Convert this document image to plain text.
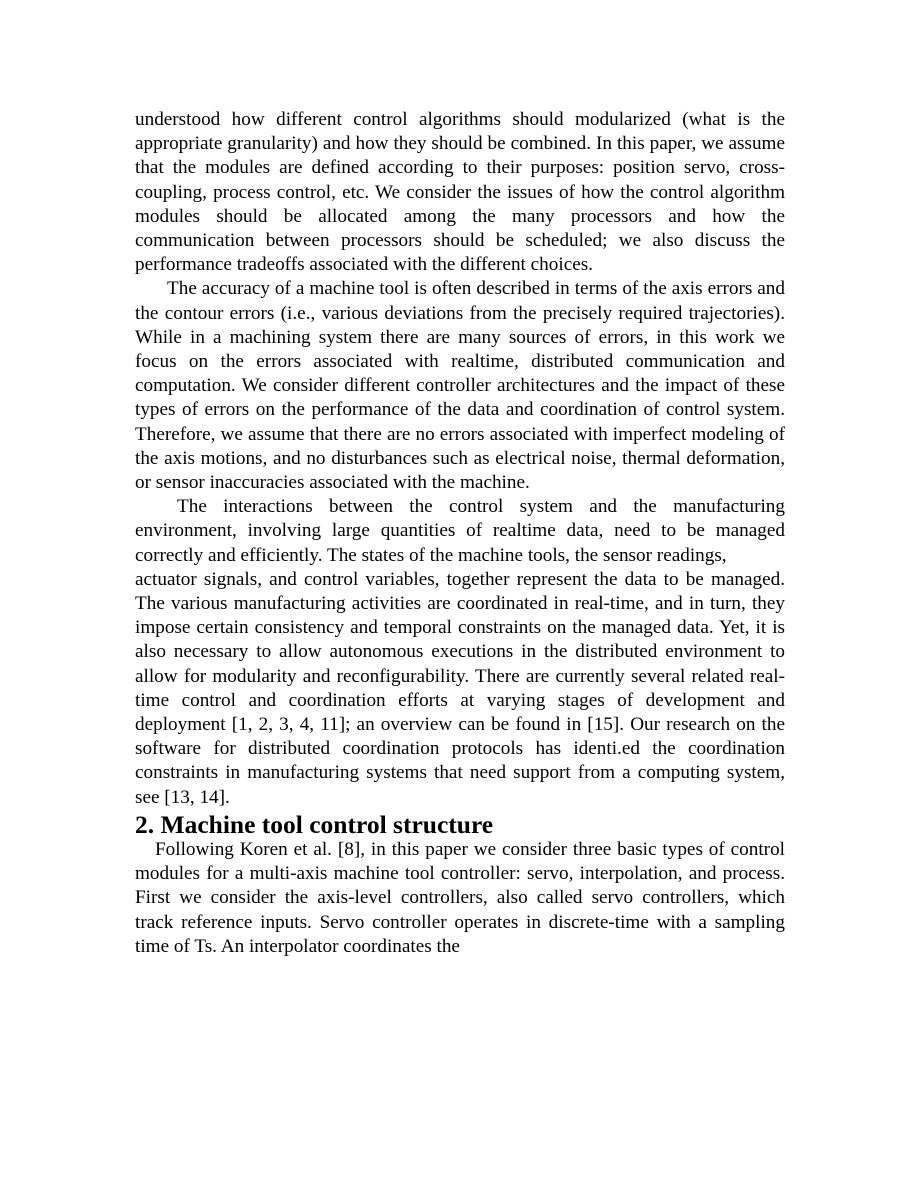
understood how different control algorithms should modularized (what is the appropriate granularity) and how they should be combined. In this paper, we assume that the modules are defined according to their purposes: position servo, cross-coupling, process control, etc. We consider the issues of how the control algorithm modules should be allocated among the many processors and how the communication between processors should be scheduled; we also discuss the performance tradeoffs associated with the different choices.

The accuracy of a machine tool is often described in terms of the axis errors and the contour errors (i.e., various deviations from the precisely required trajectories). While in a machining system there are many sources of errors, in this work we focus on the errors associated with realtime, distributed communication and computation. We consider different controller architectures and the impact of these types of errors on the performance of the data and coordination of control system. Therefore, we assume that there are no errors associated with imperfect modeling of the axis motions, and no disturbances such as electrical noise, thermal deformation, or sensor inaccuracies associated with the machine.

The interactions between the control system and the manufacturing environment, involving large quantities of realtime data, need to be managed correctly and efficiently. The states of the machine tools, the sensor readings,

actuator signals, and control variables, together represent the data to be managed. The various manufacturing activities are coordinated in real-time, and in turn, they impose certain consistency and temporal constraints on the managed data. Yet, it is also necessary to allow autonomous executions in the distributed environment to allow for modularity and reconfigurability. There are currently several related real-time control and coordination efforts at varying stages of development and deployment [1, 2, 3, 4, 11]; an overview can be found in [15]. Our research on the software for distributed coordination protocols has identi.ed the coordination constraints in manufacturing systems that need support from a computing system, see [13, 14].

2. Machine tool control structure

Following Koren et al. [8], in this paper we consider three basic types of control modules for a multi-axis machine tool controller: servo, interpolation, and process. First we consider the axis-level controllers, also called servo controllers, which track reference inputs. Servo controller operates in discrete-time with a sampling time of Ts. An interpolator coordinates the
